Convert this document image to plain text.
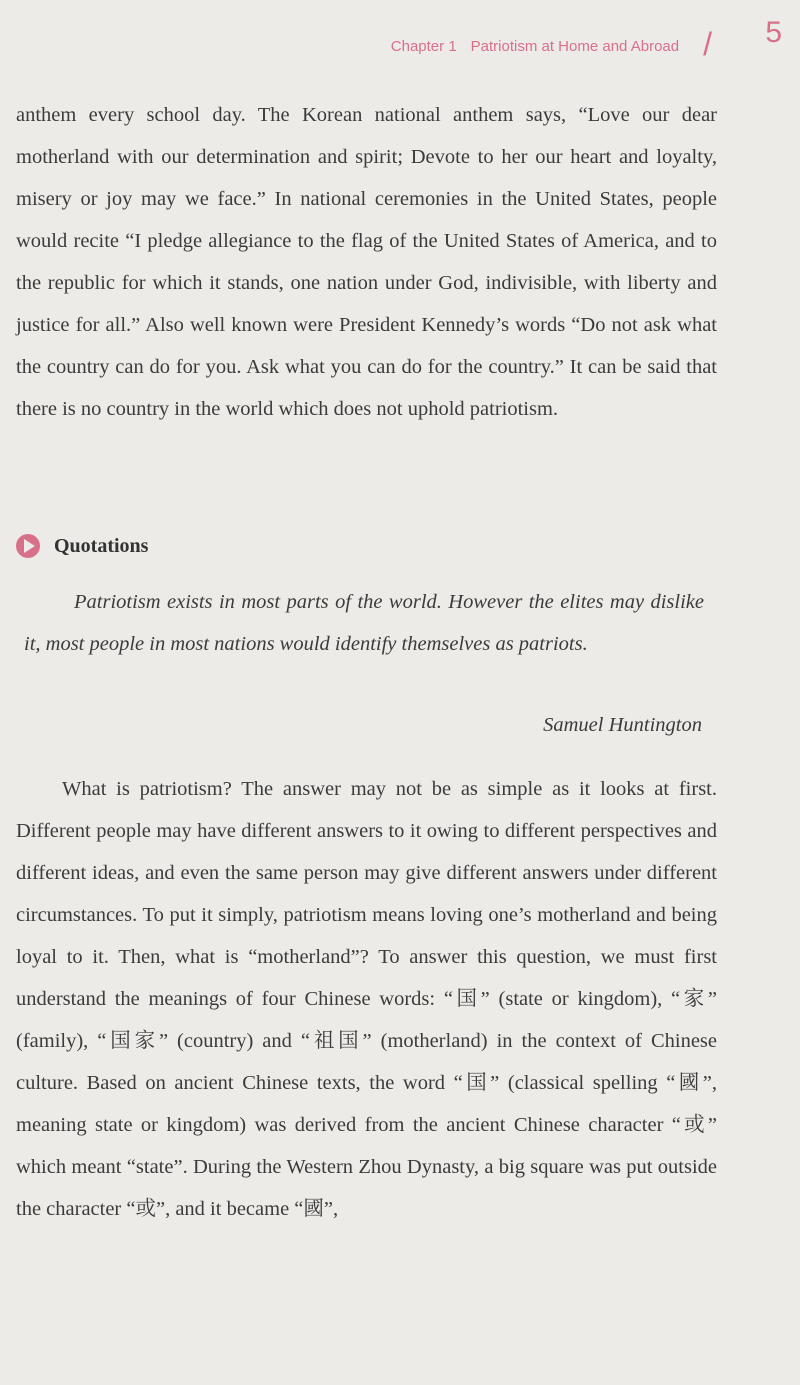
Chapter 1 Patriotism at Home and Abroad / 5
anthem every school day. The Korean national anthem says, “Love our dear motherland with our determination and spirit; Devote to her our heart and loyalty, misery or joy may we face.” In national ceremonies in the United States, people would recite “I pledge allegiance to the flag of the United States of America, and to the republic for which it stands, one nation under God, indivisible, with liberty and justice for all.” Also well known were President Kennedy’s words “Do not ask what the country can do for you. Ask what you can do for the country.” It can be said that there is no country in the world which does not uphold patriotism.
Quotations
Patriotism exists in most parts of the world. However the elites may dislike it, most people in most nations would identify themselves as patriots.
Samuel Huntington
What is patriotism? The answer may not be as simple as it looks at first. Different people may have different answers to it owing to different perspectives and different ideas, and even the same person may give different answers under different circumstances. To put it simply, patriotism means loving one’s motherland and being loyal to it. Then, what is “motherland”? To answer this question, we must first understand the meanings of four Chinese words: “国” (state or kingdom), “家” (family), “国家” (country) and “祖国” (motherland) in the context of Chinese culture. Based on ancient Chinese texts, the word “国” (classical spelling “國”, meaning state or kingdom) was derived from the ancient Chinese character “或” which meant “state”. During the Western Zhou Dynasty, a big square was put outside the character “或”, and it became “國”,
